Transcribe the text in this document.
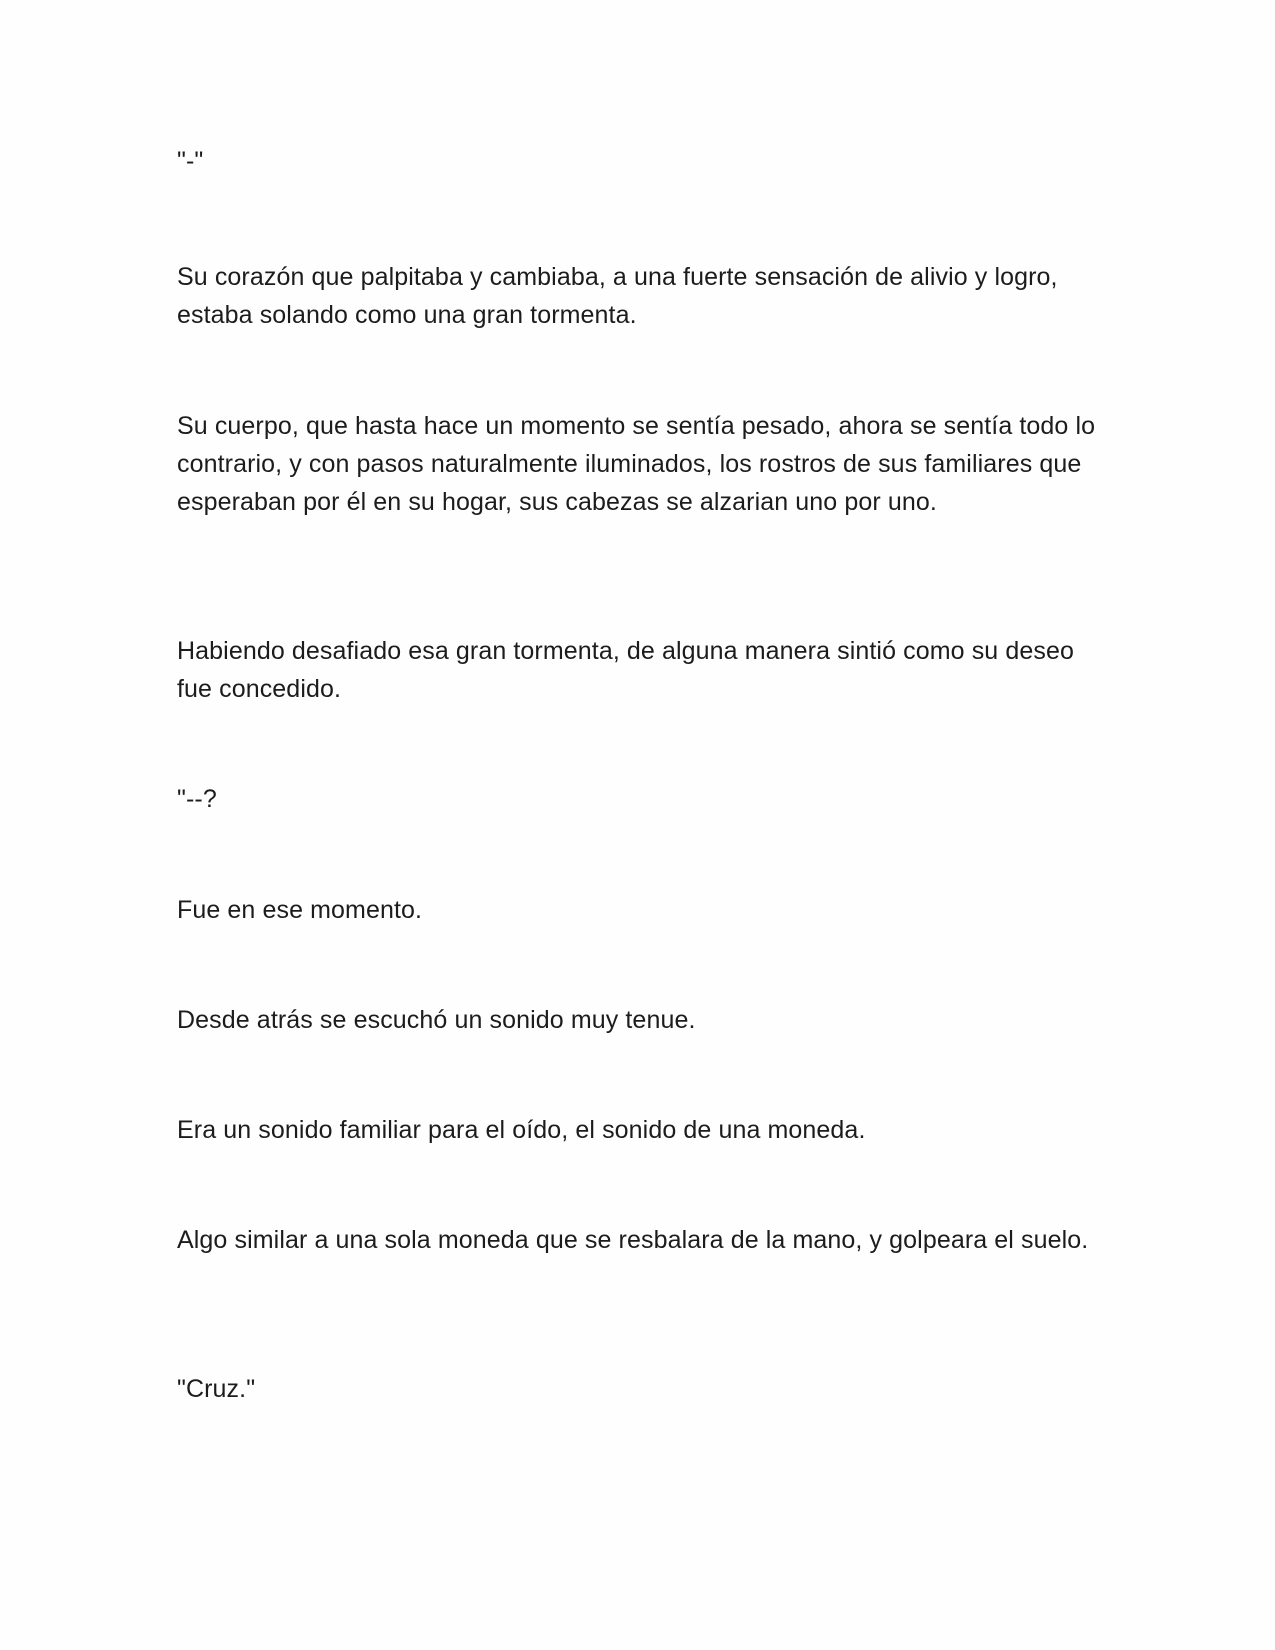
"-"

Su corazón que palpitaba y cambiaba, a una fuerte sensación de alivio y logro, estaba solando como una gran tormenta.

Su cuerpo, que hasta hace un momento se sentía pesado, ahora se sentía todo lo contrario, y con pasos naturalmente iluminados, los rostros de sus familiares que esperaban por él en su hogar, sus cabezas se alzarian uno por uno.

Habiendo desafiado esa gran tormenta, de alguna manera sintió como su deseo fue concedido.

"--?

Fue en ese momento.

Desde atrás se escuchó un sonido muy tenue.

Era un sonido familiar para el oído, el sonido de una moneda.

Algo similar a una sola moneda que se resbalara de la mano, y golpeara el suelo.

"Cruz."
